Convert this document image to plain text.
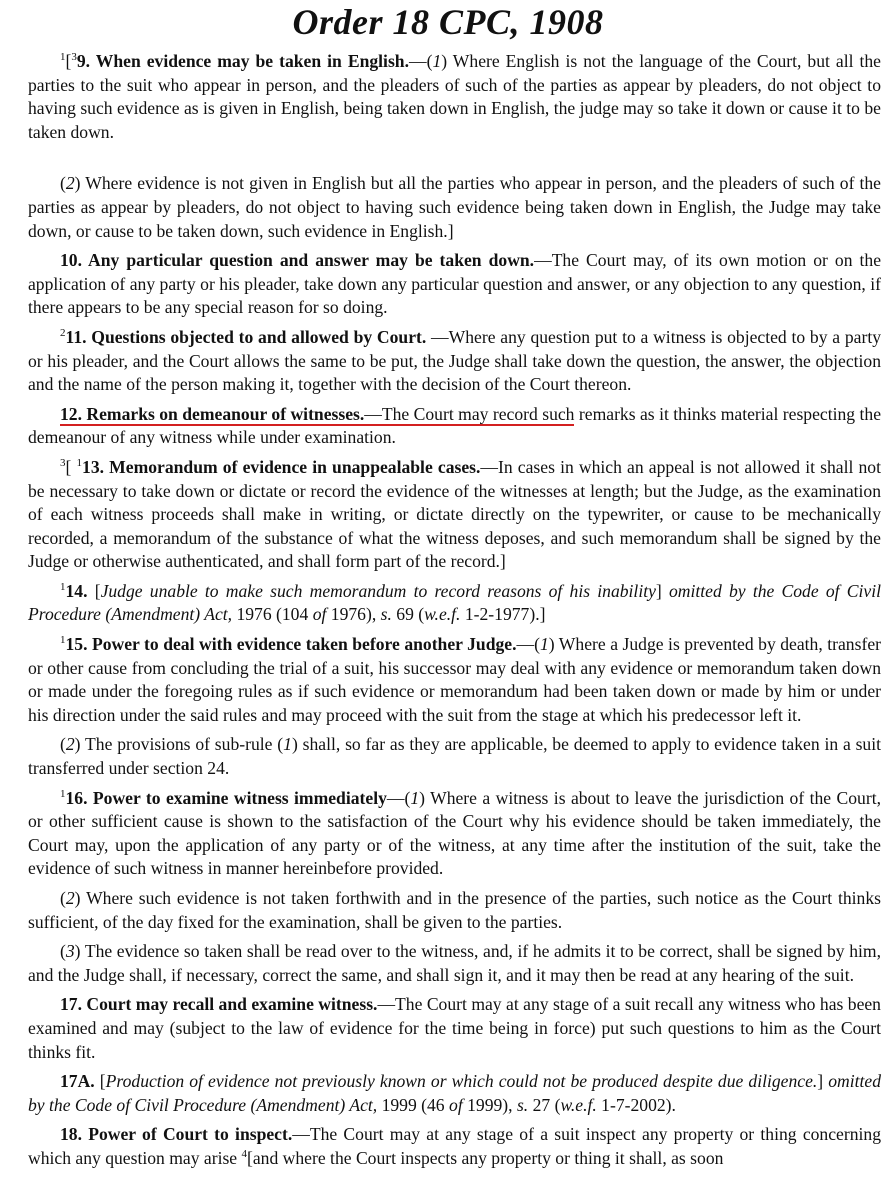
Order 18 CPC, 1908

$^1$[$^3$9. When evidence may be taken in English.—(1) Where English is not the language of the Court, but all the parties to the suit who appear in person, and the pleaders of such of the parties as appear by pleaders, do not object to having such evidence as is given in English, being taken down in English, the judge may so take it down or cause it to be taken down.

(2) Where evidence is not given in English but all the parties who appear in person, and the pleaders of such of the parties as appear by pleaders, do not object to having such evidence being taken down in English, the Judge may take down, or cause to be taken down, such evidence in English.]

10. Any particular question and answer may be taken down.—The Court may, of its own motion or on the application of any party or his pleader, take down any particular question and answer, or any objection to any question, if there appears to be any special reason for so doing.

$^2$11. Questions objected to and allowed by Court. —Where any question put to a witness is objected to by a party or his pleader, and the Court allows the same to be put, the Judge shall take down the question, the answer, the objection and the name of the person making it, together with the decision of the Court thereon.

12. Remarks on demeanour of witnesses.—The Court may record such remarks as it thinks material respecting the demeanour of any witness while under examination.

$^3$[ $^1$13. Memorandum of evidence in unappealable cases.—In cases in which an appeal is not allowed it shall not be necessary to take down or dictate or record the evidence of the witnesses at length; but the Judge, as the examination of each witness proceeds shall make in writing, or dictate directly on the typewriter, or cause to be mechanically recorded, a memorandum of the substance of what the witness deposes, and such memorandum shall be signed by the Judge or otherwise authenticated, and shall form part of the record.]

$^1$14. [Judge unable to make such memorandum to record reasons of his inability] omitted by the Code of Civil Procedure (Amendment) Act, 1976 (104 of 1976), s. 69 (w.e.f. 1-2-1977).]

$^1$15. Power to deal with evidence taken before another Judge.—(1) Where a Judge is prevented by death, transfer or other cause from concluding the trial of a suit, his successor may deal with any evidence or memorandum taken down or made under the foregoing rules as if such evidence or memorandum had been taken down or made by him or under his direction under the said rules and may proceed with the suit from the stage at which his predecessor left it.

(2) The provisions of sub-rule (1) shall, so far as they are applicable, be deemed to apply to evidence taken in a suit transferred under section 24.

$^1$16. Power to examine witness immediately—(1) Where a witness is about to leave the jurisdiction of the Court, or other sufficient cause is shown to the satisfaction of the Court why his evidence should be taken immediately, the Court may, upon the application of any party or of the witness, at any time after the institution of the suit, take the evidence of such witness in manner hereinbefore provided.

(2) Where such evidence is not taken forthwith and in the presence of the parties, such notice as the Court thinks sufficient, of the day fixed for the examination, shall be given to the parties.

(3) The evidence so taken shall be read over to the witness, and, if he admits it to be correct, shall be signed by him, and the Judge shall, if necessary, correct the same, and shall sign it, and it may then be read at any hearing of the suit.

17. Court may recall and examine witness.—The Court may at any stage of a suit recall any witness who has been examined and may (subject to the law of evidence for the time being in force) put such questions to him as the Court thinks fit.

17A. [Production of evidence not previously known or which could not be produced despite due diligence.] omitted by the Code of Civil Procedure (Amendment) Act, 1999 (46 of 1999), s. 27 (w.e.f. 1-7-2002).

18. Power of Court to inspect.—The Court may at any stage of a suit inspect any property or thing concerning which any question may arise $^4$[and where the Court inspects any property or thing it shall, as soon
